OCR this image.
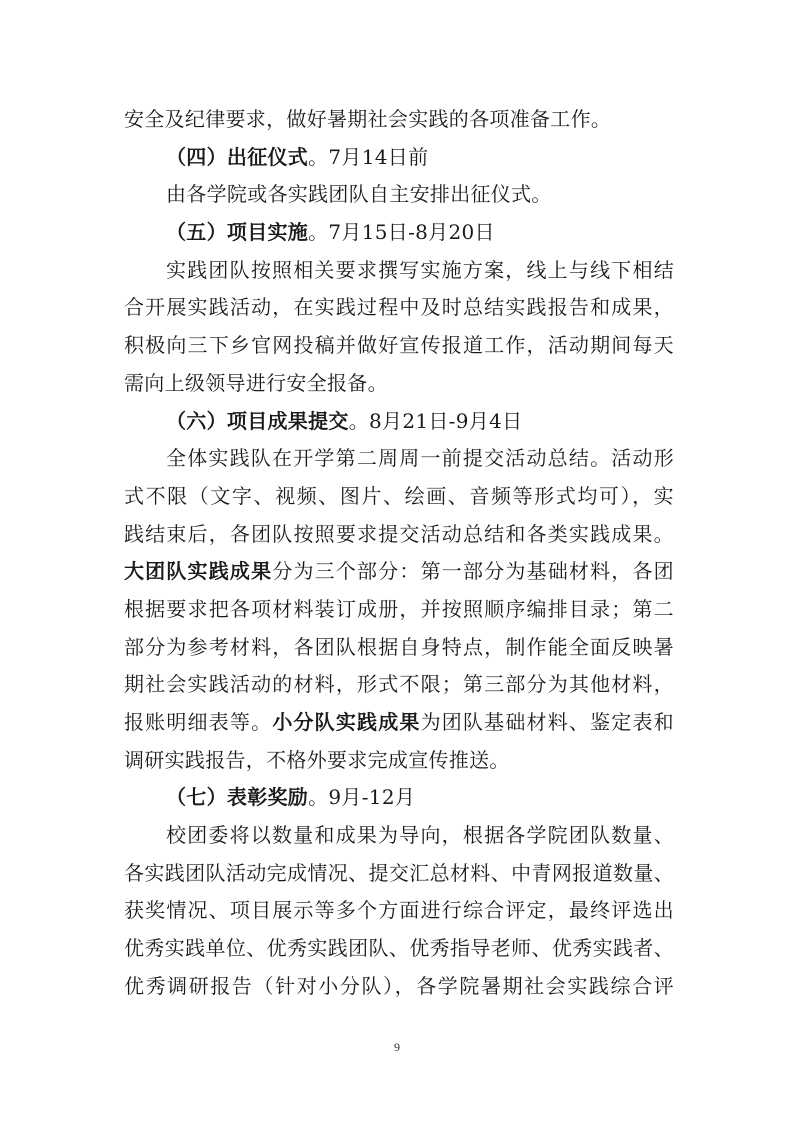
安全及纪律要求，做好暑期社会实践的各项准备工作。
（四）出征仪式。7月14日前
由各学院或各实践团队自主安排出征仪式。
（五）项目实施。7月15日-8月20日
实践团队按照相关要求撰写实施方案，线上与线下相结
合开展实践活动，在实践过程中及时总结实践报告和成果，
积极向三下乡官网投稿并做好宣传报道工作，活动期间每天
需向上级领导进行安全报备。
（六）项目成果提交。8月21日-9月4日
全体实践队在开学第二周周一前提交活动总结。活动形
式不限（文字、视频、图片、绘画、音频等形式均可），实
践结束后，各团队按照要求提交活动总结和各类实践成果。
大团队实践成果分为三个部分：第一部分为基础材料，各团
根据要求把各项材料装订成册，并按照顺序编排目录；第二
部分为参考材料，各团队根据自身特点，制作能全面反映暑
期社会实践活动的材料，形式不限；第三部分为其他材料，
报账明细表等。小分队实践成果为团队基础材料、鉴定表和
调研实践报告，不格外要求完成宣传推送。
（七）表彰奖励。9月-12月
校团委将以数量和成果为导向，根据各学院团队数量、
各实践团队活动完成情况、提交汇总材料、中青网报道数量、
获奖情况、项目展示等多个方面进行综合评定，最终评选出
优秀实践单位、优秀实践团队、优秀指导老师、优秀实践者、
优秀调研报告（针对小分队），各学院暑期社会实践综合评
9
